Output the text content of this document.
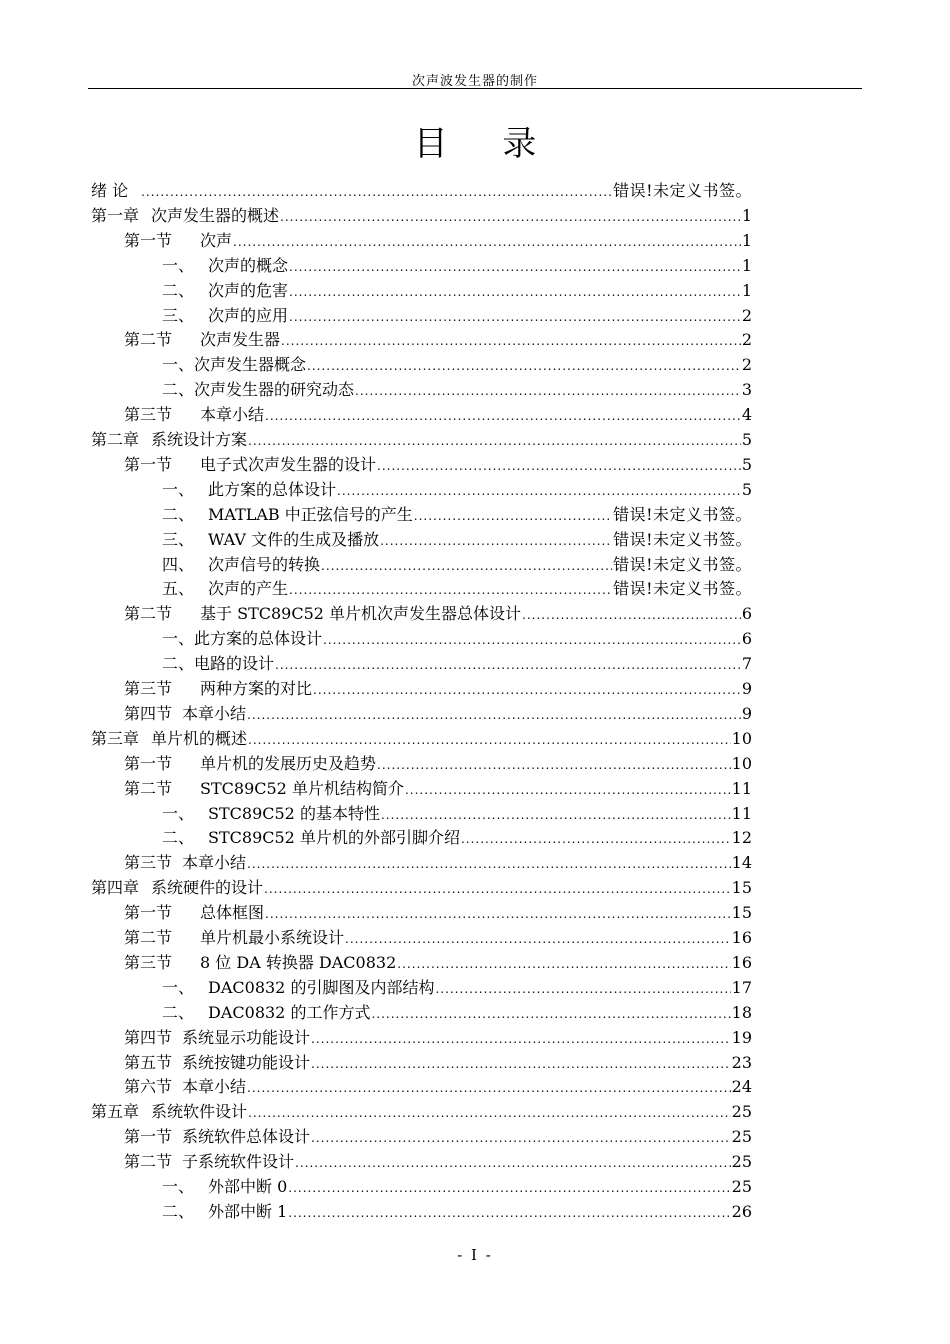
次声波发生器的制作
目 录
绪 论 .....	错误!未定义书签。
第一章 次声发生器的概述 .....	1
第一节 次声 .....	1
一、 次声的概念 .....	1
二、 次声的危害 .....	1
三、 次声的应用 .....	2
第二节 次声发生器 .....	2
一、 次声发生器概念 .....	2
二、 次声发生器的研究动态 .....	3
第三节 本章小结 .....	4
第二章 系统设计方案 .....	5
第一节 电子式次声发生器的设计 .....	5
一、 此方案的总体设计 .....	5
二、 MATLAB 中正弦信号的产生 .....	错误!未定义书签。
三、 WAV 文件的生成及播放 .....	错误!未定义书签。
四、 次声信号的转换 .....	错误!未定义书签。
五、 次声的产生 .....	错误!未定义书签。
第二节 基于 STC89C52 单片机次声发生器总体设计 .....	6
一、 此方案的总体设计 .....	6
二、 电路的设计 .....	7
第三节 两种方案的对比 .....	9
第四节 本章小结 .....	9
第三章 单片机的概述 .....	10
第一节 单片机的发展历史及趋势 .....	10
第二节 STC89C52 单片机结构简介 .....	11
一、 STC89C52 的基本特性 .....	11
二、 STC89C52 单片机的外部引脚介绍 .....	12
第三节 本章小结 .....	14
第四章 系统硬件的设计 .....	15
第一节 总体框图 .....	15
第二节 单片机最小系统设计 .....	16
第三节 8 位 DA 转换器 DAC0832 .....	16
一、 DAC0832 的引脚图及内部结构 .....	17
二、 DAC0832 的工作方式 .....	18
第四节 系统显示功能设计 .....	19
第五节 系统按键功能设计 .....	23
第六节 本章小结 .....	24
第五章 系统软件设计 .....	25
第一节 系统软件总体设计 .....	25
第二节 子系统软件设计 .....	25
一、 外部中断 0 .....	25
二、 外部中断 1 .....	26
- I -
